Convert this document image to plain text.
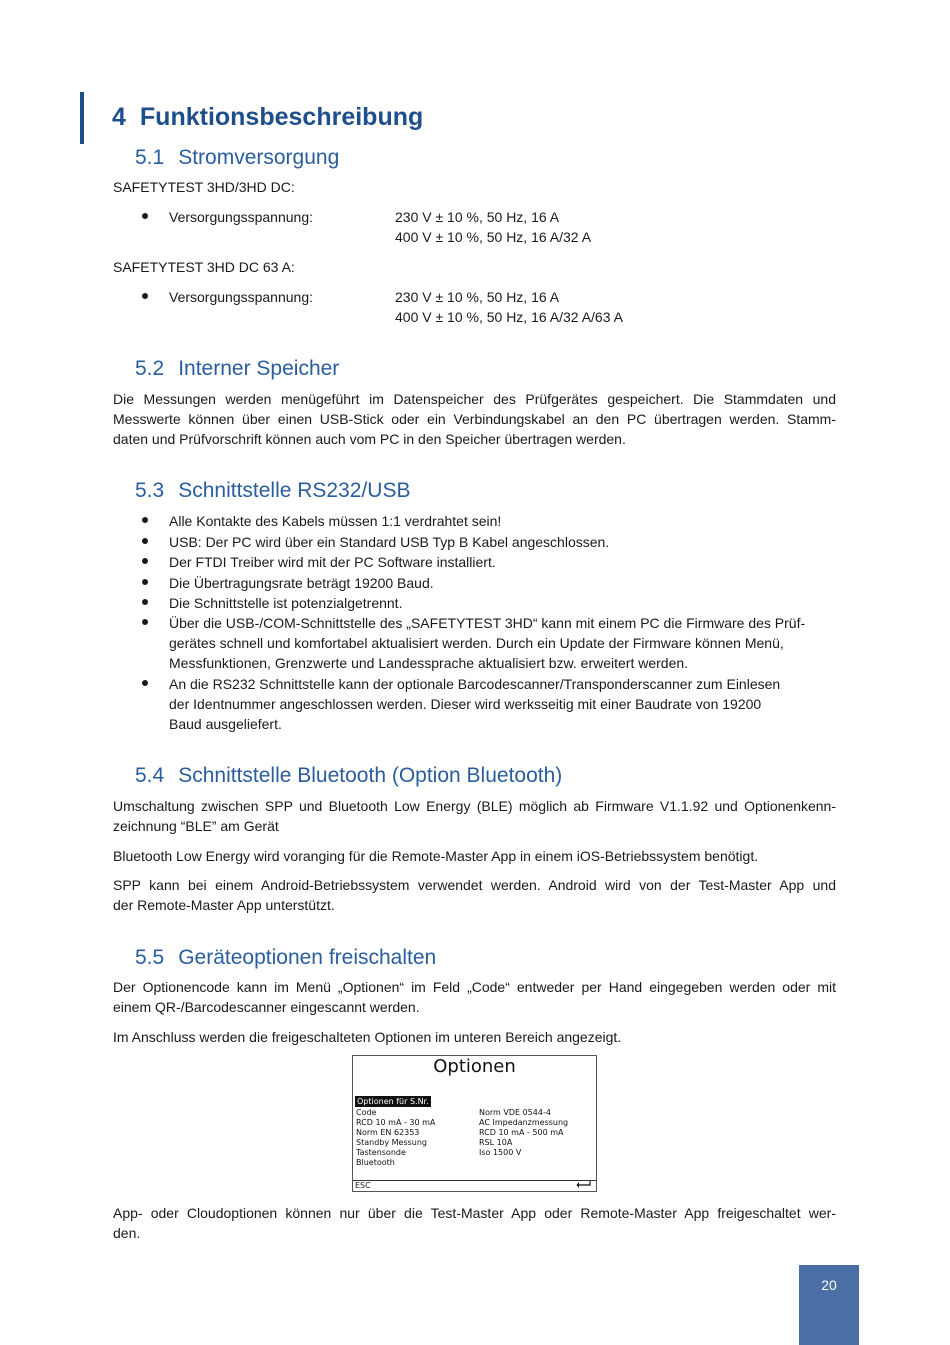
4 Funktionsbeschreibung
5.1 Stromversorgung
SAFETYTEST 3HD/3HD DC:
Versorgungsspannung:	230 V ± 10 %, 50 Hz, 16 A
400 V ± 10 %, 50 Hz, 16 A/32 A
SAFETYTEST 3HD DC 63 A:
Versorgungsspannung:	230 V ± 10 %, 50 Hz, 16 A
400 V ± 10 %, 50 Hz, 16 A/32 A/63 A
5.2 Interner Speicher
Die Messungen werden menügeführt im Datenspeicher des Prüfgerätes gespeichert. Die Stammdaten und
Messwerte können über einen USB-Stick oder ein Verbindungskabel an den PC übertragen werden. Stamm-
daten und Prüfvorschrift können auch vom PC in den Speicher übertragen werden.
5.3 Schnittstelle RS232/USB
Alle Kontakte des Kabels müssen 1:1 verdrahtet sein!
USB: Der PC wird über ein Standard USB Typ B Kabel angeschlossen.
Der FTDI Treiber wird mit der PC Software installiert.
Die Übertragungsrate beträgt 19200 Baud.
Die Schnittstelle ist potenzialgetrennt.
Über die USB-/COM-Schnittstelle des „SAFETYTEST 3HD“ kann mit einem PC die Firmware des Prüf-
gerätes schnell und komfortabel aktualisiert werden. Durch ein Update der Firmware können Menü,
Messfunktionen, Grenzwerte und Landessprache aktualisiert bzw. erweitert werden.
An die RS232 Schnittstelle kann der optionale Barcodescanner/Transponderscanner zum Einlesen
der Identnummer angeschlossen werden. Dieser wird werksseitig mit einer Baudrate von 19200
Baud ausgeliefert.
5.4 Schnittstelle Bluetooth (Option Bluetooth)
Umschaltung zwischen SPP und Bluetooth Low Energy (BLE) möglich ab Firmware V1.1.92 und Optionenkenn-
zeichnung “BLE” am Gerät
Bluetooth Low Energy wird voranging für die Remote-Master App in einem iOS-Betriebssystem benötigt.
SPP kann bei einem Android-Betriebssystem verwendet werden. Android wird von der Test-Master App und
der Remote-Master App unterstützt.
5.5 Geräteoptionen freischalten
Der Optionencode kann im Menü „Optionen“ im Feld „Code“ entweder per Hand eingegeben werden oder mit
einem QR-/Barcodescanner eingescannt werden.
Im Anschluss werden die freigeschalteten Optionen im unteren Bereich angezeigt.
Optionen
Optionen für S.Nr.
Code
RCD 10 mA - 30 mA
Norm EN 62353
Standby Messung
Tastensonde
Bluetooth
Norm VDE 0544-4
AC Impedanzmessung
RCD 10 mA - 500 mA
RSL 10A
Iso 1500 V
ESC
App- oder Cloudoptionen können nur über die Test-Master App oder Remote-Master App freigeschaltet wer-
den.
20
